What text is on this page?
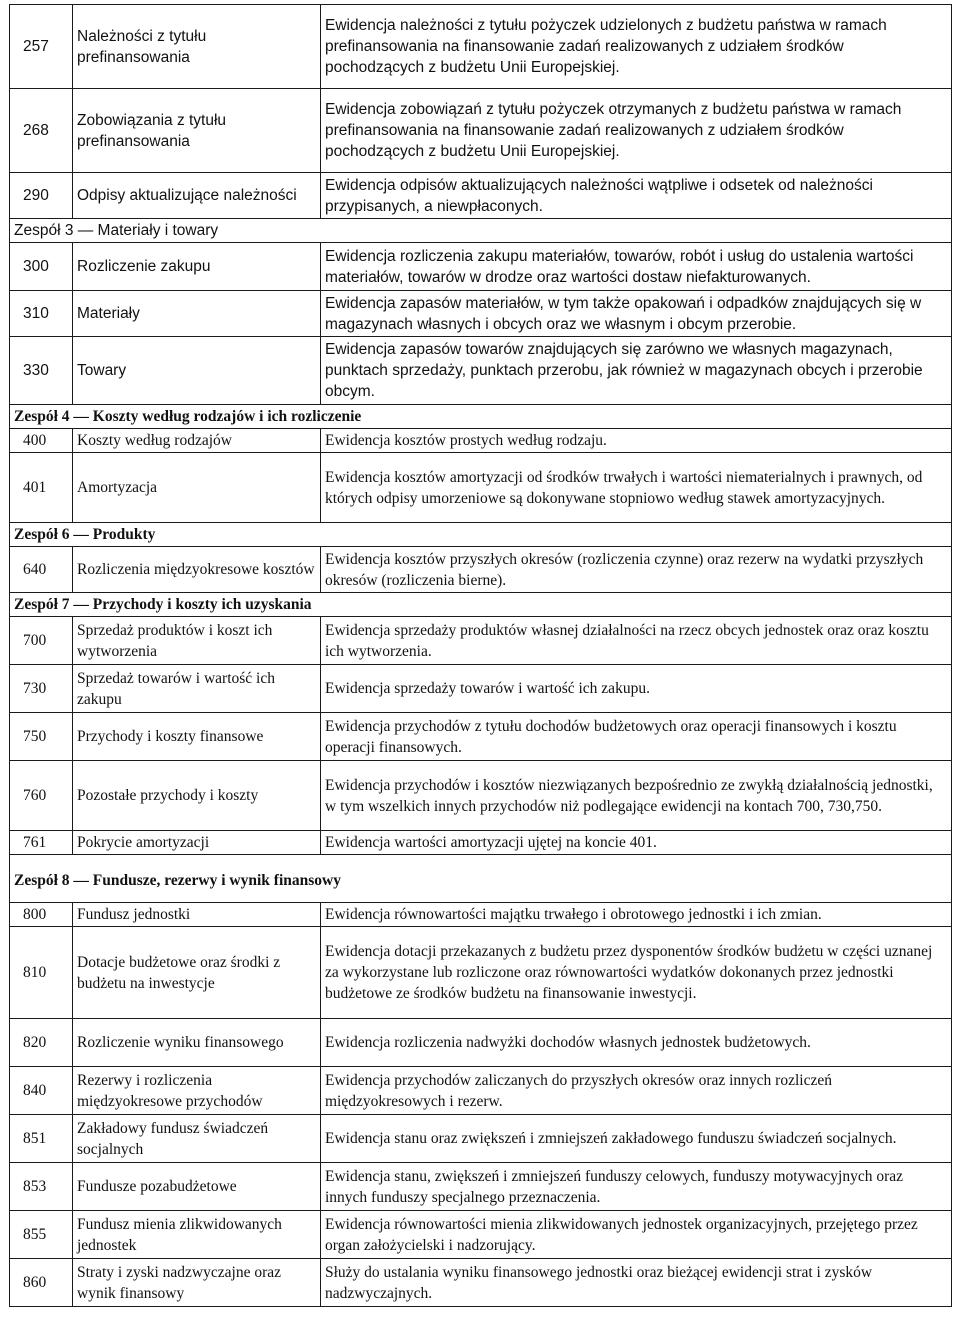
257	Należności z tytułu prefinansowania	Ewidencja należności z tytułu pożyczek udzielonych z budżetu państwa w ramach prefinansowania na finansowanie zadań realizowanych z udziałem środków pochodzących z budżetu Unii Europejskiej.
268	Zobowiązania z tytułu prefinansowania	Ewidencja zobowiązań z tytułu pożyczek otrzymanych z budżetu państwa w ramach prefinansowania na finansowanie zadań realizowanych z udziałem środków pochodzących z budżetu Unii Europejskiej.
290	Odpisy aktualizujące należności	Ewidencja odpisów aktualizujących należności wątpliwe i odsetek od należności przypisanych, a niewpłaconych.
Zespół 3 — Materiały i towary		
300	Rozliczenie zakupu	Ewidencja rozliczenia zakupu materiałów, towarów, robót i usług do ustalenia wartości materiałów, towarów w drodze oraz wartości dostaw niefakturowanych.
310	Materiały	Ewidencja zapasów materiałów, w tym także opakowań i odpadków znajdujących się w magazynach własnych i obcych oraz we własnym i obcym przerobie.
330	Towary	Ewidencja zapasów towarów znajdujących się zarówno we własnych magazynach, punktach sprzedaży, punktach przerobu, jak również w magazynach obcych i przerobie obcym.
Zespół 4 — Koszty według rodzajów i ich rozliczenie		
400	Koszty według rodzajów	Ewidencja kosztów prostych według rodzaju.
401	Amortyzacja	Ewidencja kosztów amortyzacji od środków trwałych i wartości niematerialnych i prawnych, od których odpisy umorzeniowe są dokonywane stopniowo według stawek amortyzacyjnych.
Zespół 6 — Produkty		
640	Rozliczenia międzyokresowe kosztów	Ewidencja kosztów przyszłych okresów (rozliczenia czynne) oraz rezerw na wydatki przyszłych okresów (rozliczenia bierne).
Zespół 7 — Przychody i koszty ich uzyskania		
700	Sprzedaż produktów i koszt ich wytworzenia	Ewidencja sprzedaży produktów własnej działalności na rzecz obcych jednostek oraz oraz kosztu ich wytworzenia.
730	Sprzedaż towarów i wartość ich zakupu	Ewidencja sprzedaży towarów i wartość ich zakupu.
750	Przychody i koszty finansowe	Ewidencja przychodów z tytułu dochodów budżetowych oraz operacji finansowych i kosztu operacji finansowych.
760	Pozostałe przychody i koszty	Ewidencja przychodów i kosztów niezwiązanych bezpośrednio ze zwykłą działalnością jednostki, w tym wszelkich innych przychodów niż podlegające ewidencji na kontach 700, 730,750.
761	Pokrycie amortyzacji	Ewidencja wartości amortyzacji ujętej na koncie 401.
Zespół 8 — Fundusze, rezerwy i wynik finansowy		
800	Fundusz jednostki	Ewidencja równowartości majątku trwałego i obrotowego jednostki i ich zmian.
810	Dotacje budżetowe oraz środki z budżetu na inwestycje	Ewidencja dotacji przekazanych z budżetu przez dysponentów środków budżetu w części uznanej za wykorzystane lub rozliczone oraz równowartości wydatków dokonanych przez jednostki budżetowe ze środków budżetu na finansowanie inwestycji.
820	Rozliczenie wyniku finansowego	Ewidencja rozliczenia nadwyżki dochodów własnych jednostek budżetowych.
840	Rezerwy i rozliczenia międzyokresowe przychodów	Ewidencja przychodów zaliczanych do przyszłych okresów oraz innych rozliczeń międzyokresowych i rezerw.
851	Zakładowy fundusz świadczeń socjalnych	Ewidencja stanu oraz zwiększeń i zmniejszeń zakładowego funduszu świadczeń socjalnych.
853	Fundusze pozabudżetowe	Ewidencja stanu, zwiększeń i zmniejszeń funduszy celowych, funduszy motywacyjnych oraz innych funduszy specjalnego przeznaczenia.
855	Fundusz mienia zlikwidowanych jednostek	Ewidencja równowartości mienia zlikwidowanych jednostek organizacyjnych, przejętego przez organ założycielski i nadzorujący.
860	Straty i zyski nadzwyczajne oraz wynik finansowy	Służy do ustalania wyniku finansowego jednostki oraz bieżącej ewidencji strat i zysków nadzwyczajnych.
